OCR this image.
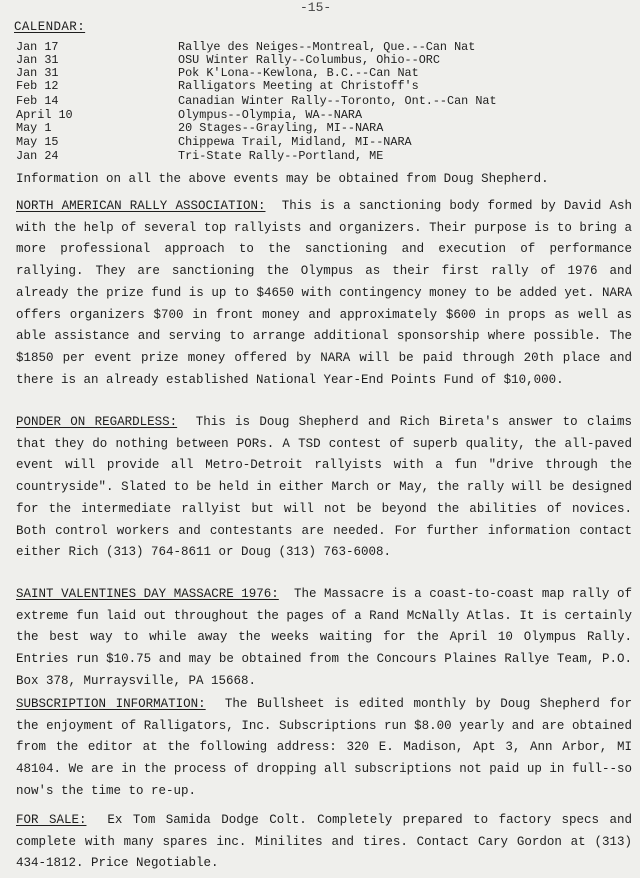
-15-
CALENDAR:
Jan 17	Rallye des Neiges--Montreal, Que.--Can Nat
Jan 31	OSU Winter Rally--Columbus, Ohio--ORC
Jan 31	Pok K'Lona--Kewlona, B.C.--Can Nat
Feb 12	Ralligators Meeting at Christoff's
Feb 14	Canadian Winter Rally--Toronto, Ont.--Can Nat
April 10	Olympus--Olympia, WA--NARA
May 1	20 Stages--Grayling, MI--NARA
May 15	Chippewa Trail, Midland, MI--NARA
Jan 24	Tri-State Rally--Portland, ME
Information on all the above events may be obtained from Doug Shepherd.

NORTH AMERICAN RALLY ASSOCIATION: This is a sanctioning body formed by David Ash with the help of several top rallyists and organizers. Their purpose is to bring a more professional approach to the sanctioning and execution of performance rallying. They are sanctioning the Olympus as their first rally of 1976 and already the prize fund is up to $4650 with contingency money to be added yet. NARA offers organizers $700 in front money and approximately $600 in props as well as able assistance and serving to arrange additional sponsorship where possible. The $1850 per event prize money offered by NARA will be paid through 20th place and there is an already established National Year-End Points Fund of $10,000.

PONDER ON REGARDLESS: This is Doug Shepherd and Rich Bireta's answer to claims that they do nothing between PORs. A TSD contest of superb quality, the all-paved event will provide all Metro-Detroit rallyists with a fun "drive through the countryside". Slated to be held in either March or May, the rally will be designed for the intermediate rallyist but will not be beyond the abilities of novices. Both control workers and contestants are needed. For further information contact either Rich (313) 764-8611 or Doug (313) 763-6008.

SAINT VALENTINES DAY MASSACRE 1976: The Massacre is a coast-to-coast map rally of extreme fun laid out throughout the pages of a Rand McNally Atlas. It is certainly the best way to while away the weeks waiting for the April 10 Olympus Rally. Entries run $10.75 and may be obtained from the Concours Plaines Rallye Team, P.O. Box 378, Murraysville, PA 15668.

SUBSCRIPTION INFORMATION: The Bullsheet is edited monthly by Doug Shepherd for the enjoyment of Ralligators, Inc. Subscriptions run $8.00 yearly and are obtained from the editor at the following address: 320 E. Madison, Apt 3, Ann Arbor, MI 48104. We are in the process of dropping all subscriptions not paid up in full--so now's the time to re-up.

FOR SALE: Ex Tom Samida Dodge Colt. Completely prepared to factory specs and complete with many spares inc. Minilites and tires. Contact Cary Gordon at (313) 434-1812. Price Negotiable.
